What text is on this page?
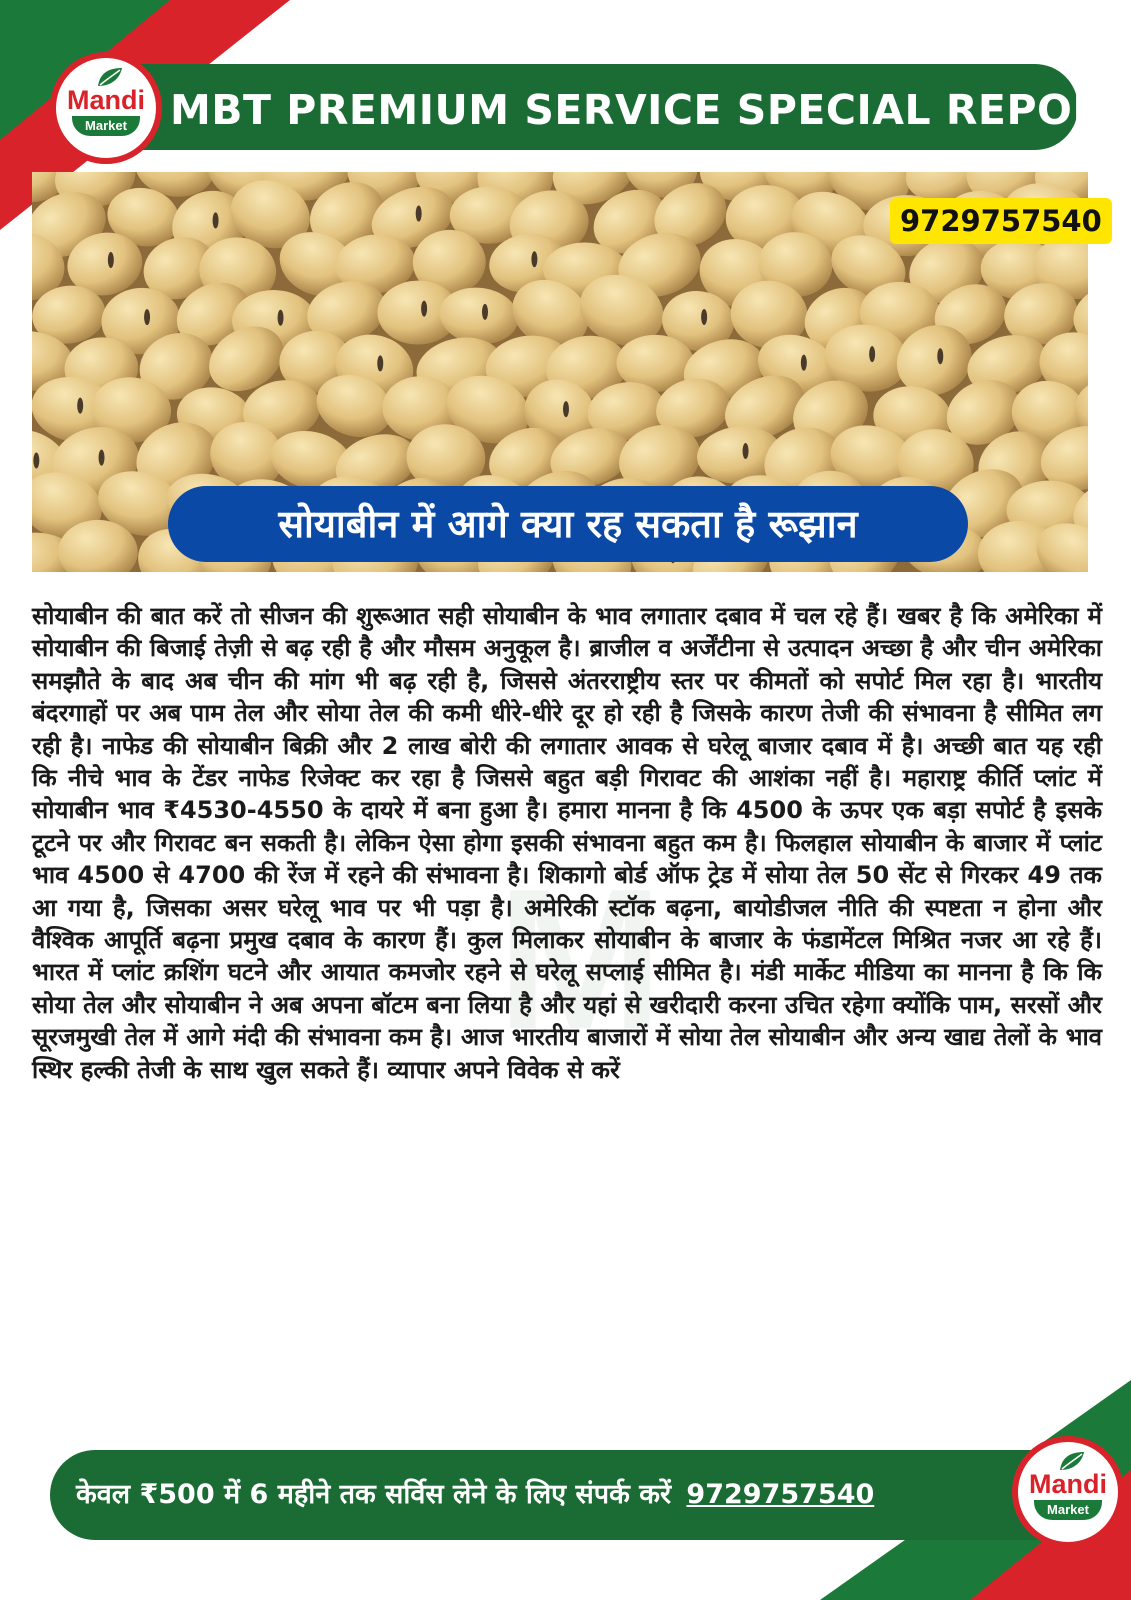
MBT PREMIUM SERVICE SPECIAL REPORT
Mandi
Market
9729757540
सोयाबीन में आगे क्या रह सकता है रूझान
M
सोयाबीन की बात करें तो सीजन की शुरूआत सही सोयाबीन के भाव लगातार दबाव में चल रहे हैं। खबर है कि अमेरिका में सोयाबीन की बिजाई तेज़ी से बढ़ रही है और मौसम अनुकूल है। ब्राजील व अर्जेंटीना से उत्पादन अच्छा है और चीन अमेरिका समझौते के बाद अब चीन की मांग भी बढ़ रही है, जिससे अंतरराष्ट्रीय स्तर पर कीमतों को सपोर्ट मिल रहा है। भारतीय बंदरगाहों पर अब पाम तेल और सोया तेल की कमी धीरे-धीरे दूर हो रही है जिसके कारण तेजी की संभावना है सीमित लग रही है। नाफेड की सोयाबीन बिक्री और 2 लाख बोरी की लगातार आवक से घरेलू बाजार दबाव में है। अच्छी बात यह रही कि नीचे भाव के टेंडर नाफेड रिजेक्ट कर रहा है जिससे बहुत बड़ी गिरावट की आशंका नहीं है। महाराष्ट्र कीर्ति प्लांट में सोयाबीन भाव ₹4530-4550 के दायरे में बना हुआ है। हमारा मानना है कि 4500 के ऊपर एक बड़ा सपोर्ट है इसके टूटने पर और गिरावट बन सकती है। लेकिन ऐसा होगा इसकी संभावना बहुत कम है। फिलहाल सोयाबीन के बाजार में प्लांट भाव 4500 से 4700 की रेंज में रहने की संभावना है। शिकागो बोर्ड ऑफ ट्रेड में सोया तेल 50 सेंट से गिरकर 49 तक आ गया है, जिसका असर घरेलू भाव पर भी पड़ा है। अमेरिकी स्टॉक बढ़ना, बायोडीजल नीति की स्पष्टता न होना और वैश्विक आपूर्ति बढ़ना प्रमुख दबाव के कारण हैं। कुल मिलाकर सोयाबीन के बाजार के फंडामेंटल मिश्रित नजर आ रहे हैं। भारत में प्लांट क्रशिंग घटने और आयात कमजोर रहने से घरेलू सप्लाई सीमित है। मंडी मार्केट मीडिया का मानना है कि कि सोया तेल और सोयाबीन ने अब अपना बॉटम बना लिया है और यहां से खरीदारी करना उचित रहेगा क्योंकि पाम, सरसों और सूरजमुखी तेल में आगे मंदी की संभावना कम है। आज भारतीय बाजारों में सोया तेल सोयाबीन और अन्य खाद्य तेलों के भाव स्थिर हल्की तेजी के साथ खुल सकते हैं। व्यापार अपने विवेक से करें
केवल ₹500 में 6 महीने तक सर्विस लेने के लिए संपर्क करें 9729757540	Mandi
Market
